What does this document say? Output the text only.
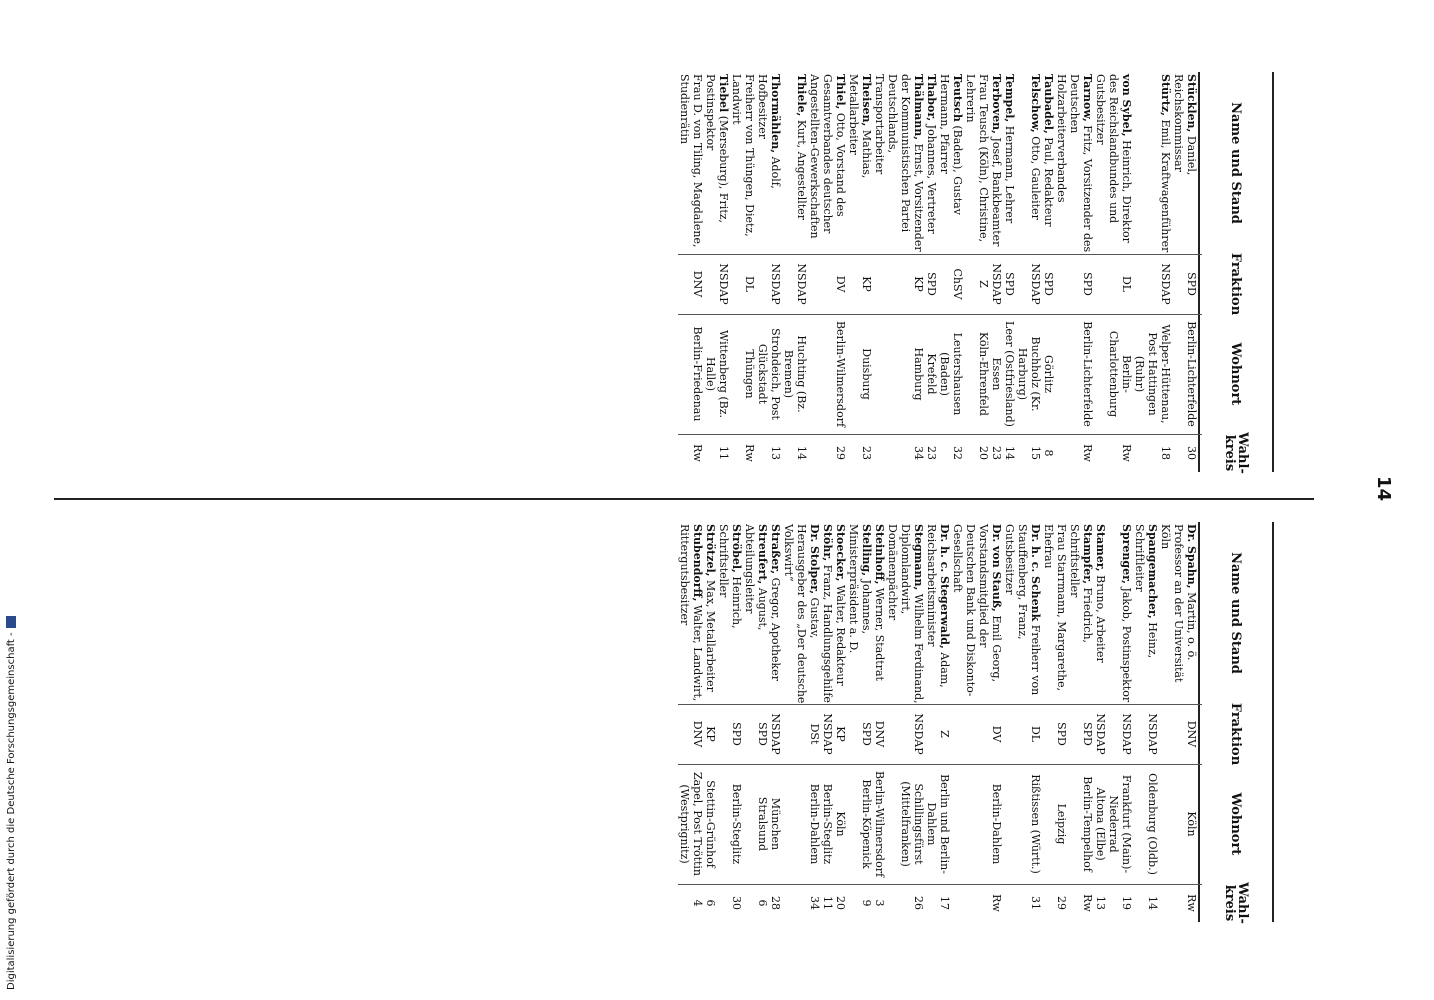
14
Name und Stand
Fraktion
Wohnort
Wahl-kreis
Dr. Spahn, Martin, o. ö. Professor an der Universität Köln
DNV
Köln
Rw
Spangemacher, Heinz, Schriftleiter
NSDAP
Oldenburg (Oldb.)
14
Sprenger, Jakob, Postinspektor
NSDAP
Frankfurt (Main)-Niederrad
19
Stamer, Bruno, Arbeiter
NSDAP
Altona (Elbe)
13
Stampfer, Friedrich, Schriftsteller
SPD
Berlin-Tempelhof
Rw
Frau Starrmann, Margarethe, Ehefrau
SPD
Leipzig
29
Dr. h. c. Schenk Freiherr von Stauffenberg, Franz, Gutsbesitzer
DL
Rißtissen (Württ.)
31
Dr. von Stauß, Emil Georg, Vorstandsmitglied der Deutschen Bank und Diskonto-Gesellschaft
DV
Berlin-Dahlem
Rw
Dr. h. c. Stegerwald, Adam, Reichsarbeitsminister
Z
Berlin und Berlin-Dahlem
17
Stegmann, Wilhelm Ferdinand, Diplomlandwirt, Domänenpächter
NSDAP
Schillingsfürst (Mittelfranken)
26
Steinhoff, Werner, Stadtrat
DNV
Berlin-Wilmersdorf
3
Stelling, Johannes, Ministerpräsident a. D.
SPD
Berlin-Köpenick
9
Stoecker, Walter, Redakteur
KP
Köln
20
Stöhr, Franz, Handlungsgehilfe
NSDAP
Berlin-Steglitz
11
Dr. Stolper, Gustav, Herausgeber des „Der deutsche Volkswirt“
DSt
Berlin-Dahlem
34
Straßer, Gregor, Apotheker
NSDAP
München
28
Streufert, August, Abteilungsleiter
SPD
Stralsund
6
Ströbel, Heinrich, Schriftsteller
SPD
Berlin-Steglitz
30
Strötzel, Max, Metallarbeiter
KP
Stettin-Grünhof
6
Stubendorff, Walter, Landwirt, Rittergutsbesitzer
DNV
Zapel, Post Tröttin (Westprignitz)
4
Name und Stand
Fraktion
Wohnort
Wahl-kreis
Stücklen, Daniel, Reichskommissar
SPD
Berlin-Lichterfelde
30
Stürtz, Emil, Kraftwagenführer
NSDAP
Welper-Hüttenau, Post Hattingen (Ruhr)
18
von Sybel, Heinrich, Direktor des Reichslandbundes und Gutsbesitzer
DL
Berlin-Charlottenburg
Rw
Tarnow, Fritz, Vorsitzender des Deutschen Holzarbeiterverbandes
SPD
Berlin-Lichterfelde
Rw
Taubadel, Paul, Redakteur
SPD
Görlitz
8
Telschow, Otto, Gauleiter
NSDAP
Buchholz (Kr. Harburg)
15
Tempel, Hermann, Lehrer
SPD
Leer (Ostfriesland)
14
Terboven, Josef, Bankbeamter
NSDAP
Essen
23
Frau Teusch (Köln), Christine, Lehrerin
Z
Köln-Ehrenfeld
20
Teutsch (Baden), Gustav Hermann, Pfarrer
ChSV
Leutershausen (Baden)
32
Thabor, Johannes, Vertreter
SPD
Krefeld
23
Thälmann, Ernst, Vorsitzender der Kommunistischen Partei Deutschlands, Transportarbeiter
KP
Hamburg
34
Theisen, Mathias, Metallarbeiter
KP
Duisburg
23
Thiel, Otto, Vorstand des Gesamtverbandes deutscher Angestellten-Gewerkschaften
DV
Berlin-Wilmersdorf
29
Thiele, Kurt, Angestellter
NSDAP
Huchting (Bz. Bremen)
14
Thormählen, Adolf, Hofbesitzer
NSDAP
Strohdeich, Post Glückstadt
13
Freiherr von Thüngen, Dietz, Landwirt
DL
Thüngen
Rw
Tiebel (Merseburg), Fritz, Postinspektor
NSDAP
Wittenberg (Bz. Halle)
11
Frau D. von Tiling, Magdalene, Studienrätin
DNV
Berlin-Friedenau
Rw
Digitalisierung gefördert durch die Deutsche Forschungsgemeinschaft -
